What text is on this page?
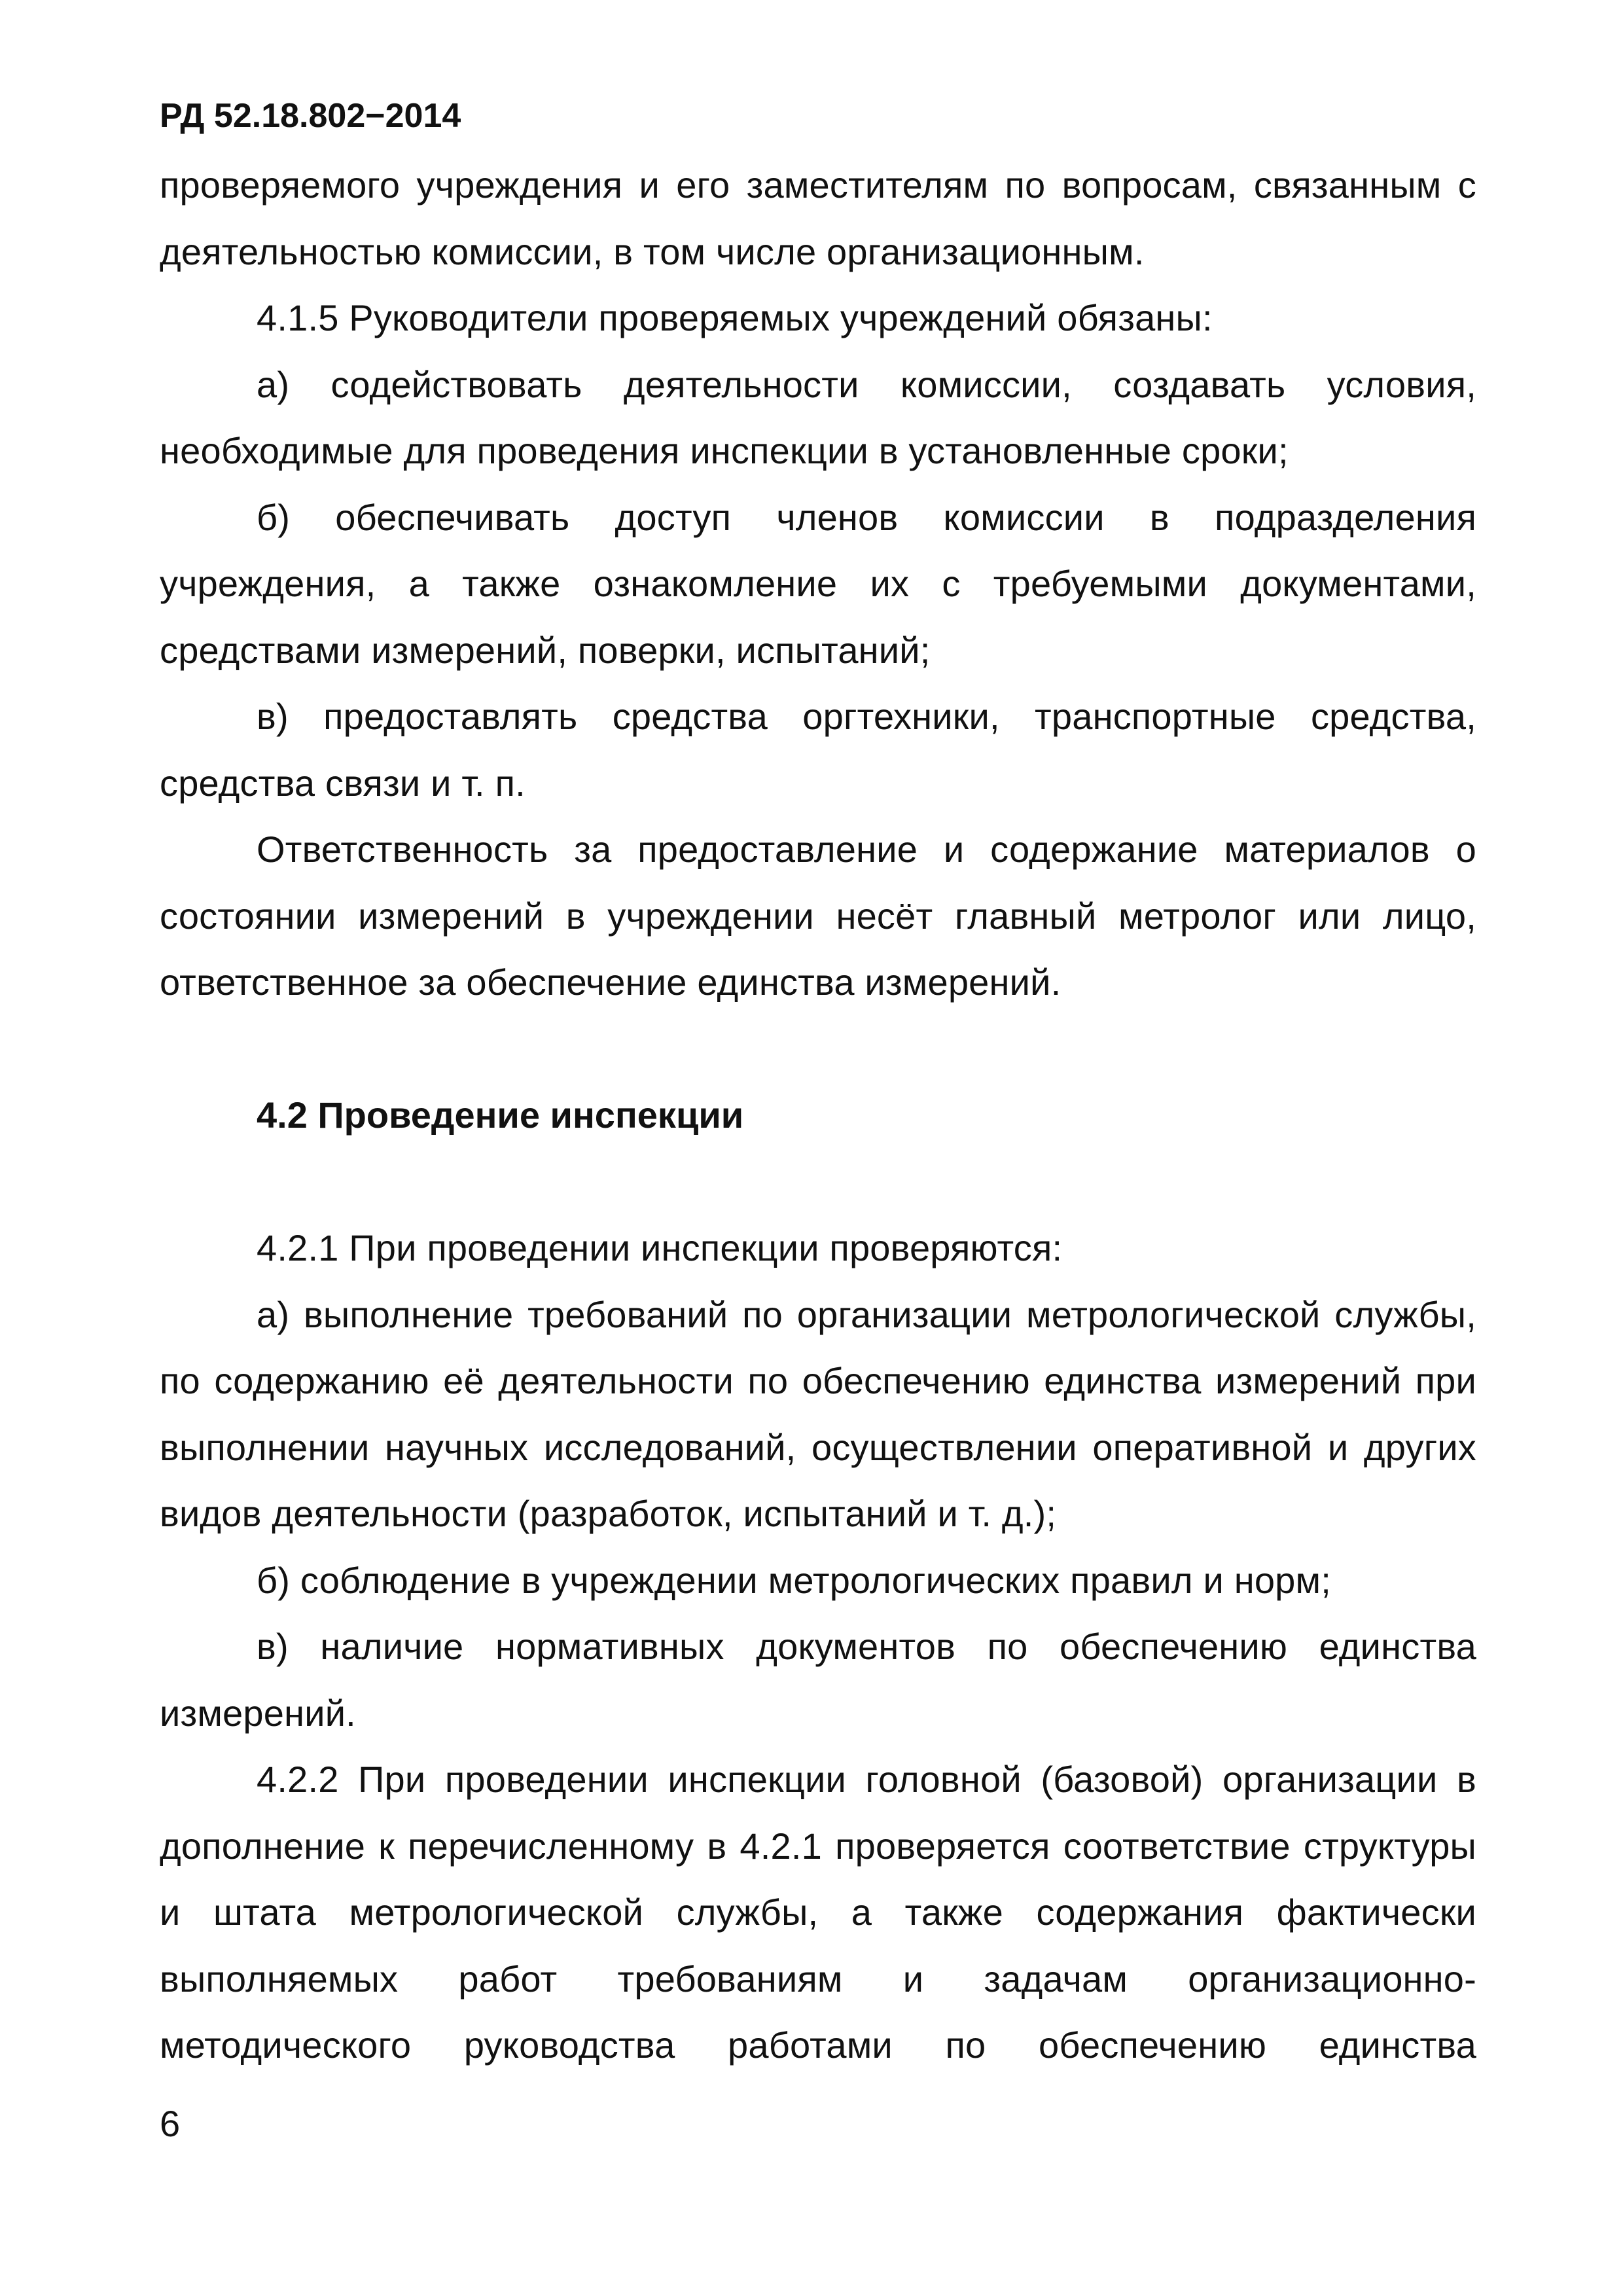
РД 52.18.802−2014

проверяемого учреждения и его заместителям по вопросам, связанным с деятельностью комиссии, в том числе организационным.

4.1.5 Руководители проверяемых учреждений обязаны:

а) содействовать деятельности комиссии, создавать условия, необходимые для проведения инспекции в установленные сроки;

б) обеспечивать доступ членов комиссии в подразделения учреждения, а также ознакомление их с требуемыми документами, средствами измерений, поверки, испытаний;

в) предоставлять средства оргтехники, транспортные средства, средства связи и т. п.

Ответственность за предоставление и содержание материалов о состоянии измерений в учреждении несёт главный метролог или лицо, ответственное за обеспечение единства измерений.

4.2 Проведение инспекции

4.2.1 При проведении инспекции проверяются:

а) выполнение требований по организации метрологической службы, по содержанию её деятельности по обеспечению единства измерений при выполнении научных исследований, осуществлении оперативной и других видов деятельности (разработок, испытаний и т. д.);

б) соблюдение в учреждении метрологических правил и норм;

в) наличие нормативных документов по обеспечению единства измерений.

4.2.2 При проведении инспекции головной (базовой) организации в дополнение к перечисленному в 4.2.1 проверяется соответствие структуры и штата метрологической службы, а также содержания фактически выполняемых работ требованиям и задачам организационно-методического руководства работами по обеспечению единства

6
